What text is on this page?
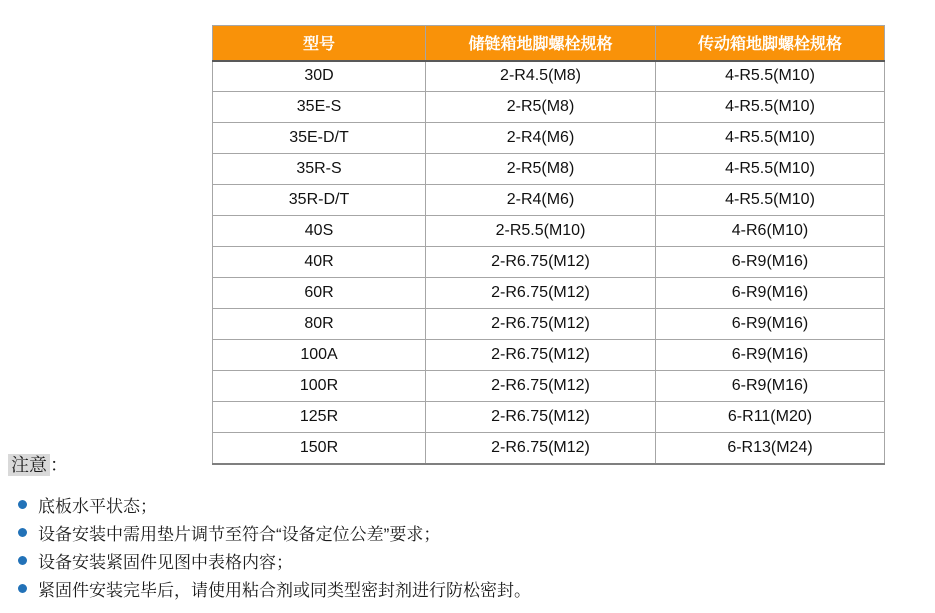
型号	储链箱地脚螺栓规格	传动箱地脚螺栓规格
30D	2-R4.5(M8)	4-R5.5(M10)
35E-S	2-R5(M8)	4-R5.5(M10)
35E-D/T	2-R4(M6)	4-R5.5(M10)
35R-S	2-R5(M8)	4-R5.5(M10)
35R-D/T	2-R4(M6)	4-R5.5(M10)
40S	2-R5.5(M10)	4-R6(M10)
40R	2-R6.75(M12)	6-R9(M16)
60R	2-R6.75(M12)	6-R9(M16)
80R	2-R6.75(M12)	6-R9(M16)
100A	2-R6.75(M12)	6-R9(M16)
100R	2-R6.75(M12)	6-R9(M16)
125R	2-R6.75(M12)	6-R11(M20)
150R	2-R6.75(M12)	6-R13(M24)
注意 ：
底板水平状态；
设备安装中需用垫片调节至符合“设备定位公差”要求；
设备安装紧固件见图中表格内容；
紧固件安装完毕后，请使用粘合剂或同类型密封剂进行防松密封。
